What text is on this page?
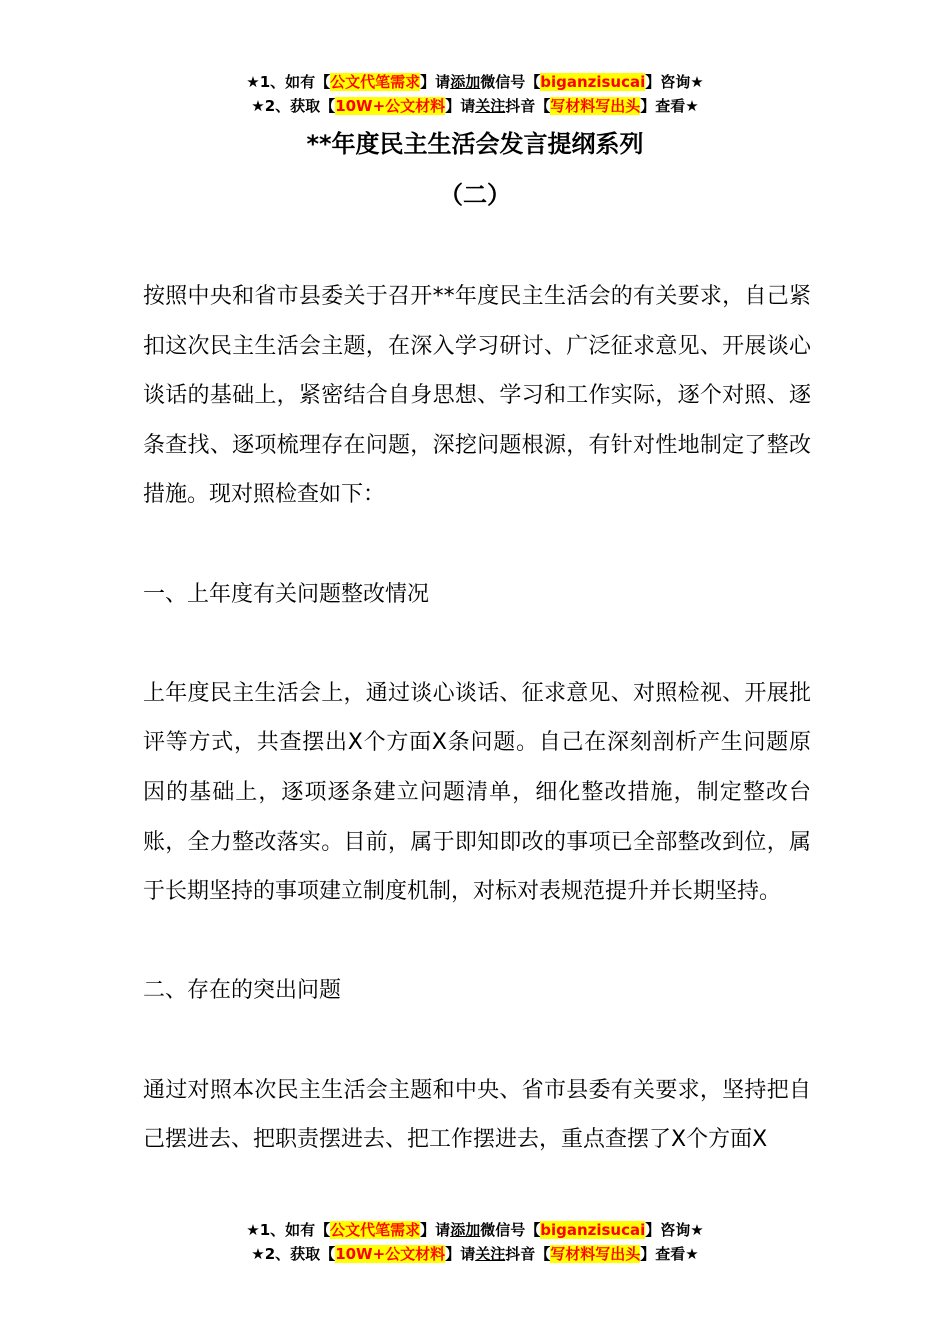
★1、如有【公文代笔需求】请添加微信号【biganzisucai】咨询★
★2、获取【10W+公文材料】请关注抖音【写材料写出头】查看★
**年度民主生活会发言提纲系列
（二）

按照中央和省市县委关于召开**年度民主生活会的有关要求，自己紧扣这次民主生活会主题，在深入学习研讨、广泛征求意见、开展谈心谈话的基础上，紧密结合自身思想、学习和工作实际，逐个对照、逐条查找、逐项梳理存在问题，深挖问题根源，有针对性地制定了整改措施。现对照检查如下：

一、上年度有关问题整改情况

上年度民主生活会上，通过谈心谈话、征求意见、对照检视、开展批评等方式，共查摆出X个方面X条问题。自己在深刻剖析产生问题原因的基础上，逐项逐条建立问题清单，细化整改措施，制定整改台账，全力整改落实。目前，属于即知即改的事项已全部整改到位，属于长期坚持的事项建立制度机制，对标对表规范提升并长期坚持。

二、存在的突出问题

通过对照本次民主生活会主题和中央、省市县委有关要求，坚持把自己摆进去、把职责摆进去、把工作摆进去，重点查摆了X个方面X

★1、如有【公文代笔需求】请添加微信号【biganzisucai】咨询★
★2、获取【10W+公文材料】请关注抖音【写材料写出头】查看★
